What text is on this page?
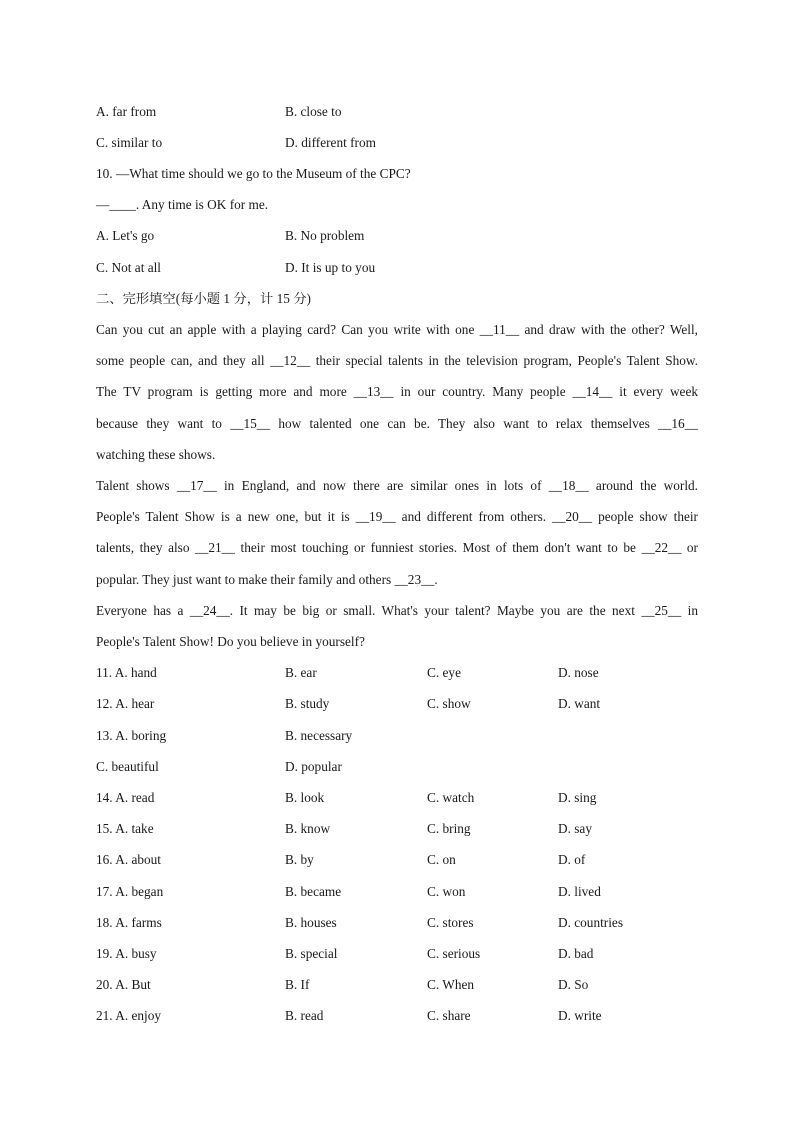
A. far from	B. close to
C. similar to	D. different from
10. —What time should we go to the Museum of the CPC?
—____. Any time is OK for me.
A. Let's go	B. No problem
C. Not at all	D. It is up to you
二、完形填空(每小题 1 分，计 15 分)
Can you cut an apple with a playing card? Can you write with one __11__ and draw with the other? Well,
some people can, and they all __12__ their special talents in the television program, People's Talent Show.
The TV program is getting more and more __13__ in our country. Many people __14__ it every week
because they want to __15__ how talented one can be. They also want to relax themselves __16__
watching these shows.
Talent shows __17__ in England, and now there are similar ones in lots of __18__ around the world.
People's Talent Show is a new one, but it is __19__ and different from others. __20__ people show their
talents, they also __21__ their most touching or funniest stories. Most of them don't want to be __22__ or
popular. They just want to make their family and others __23__.
Everyone has a __24__. It may be big or small. What's your talent? Maybe you are the next __25__ in
People's Talent Show! Do you believe in yourself?
11. A. hand	B. ear	C. eye	D. nose
12. A. hear	B. study	C. show	D. want
13. A. boring	B. necessary
C. beautiful	D. popular
14. A. read	B. look	C. watch	D. sing
15. A. take	B. know	C. bring	D. say
16. A. about	B. by	C. on	D. of
17. A. began	B. became	C. won	D. lived
18. A. farms	B. houses	C. stores	D. countries
19. A. busy	B. special	C. serious	D. bad
20. A. But	B. If	C. When	D. So
21. A. enjoy	B. read	C. share	D. write
